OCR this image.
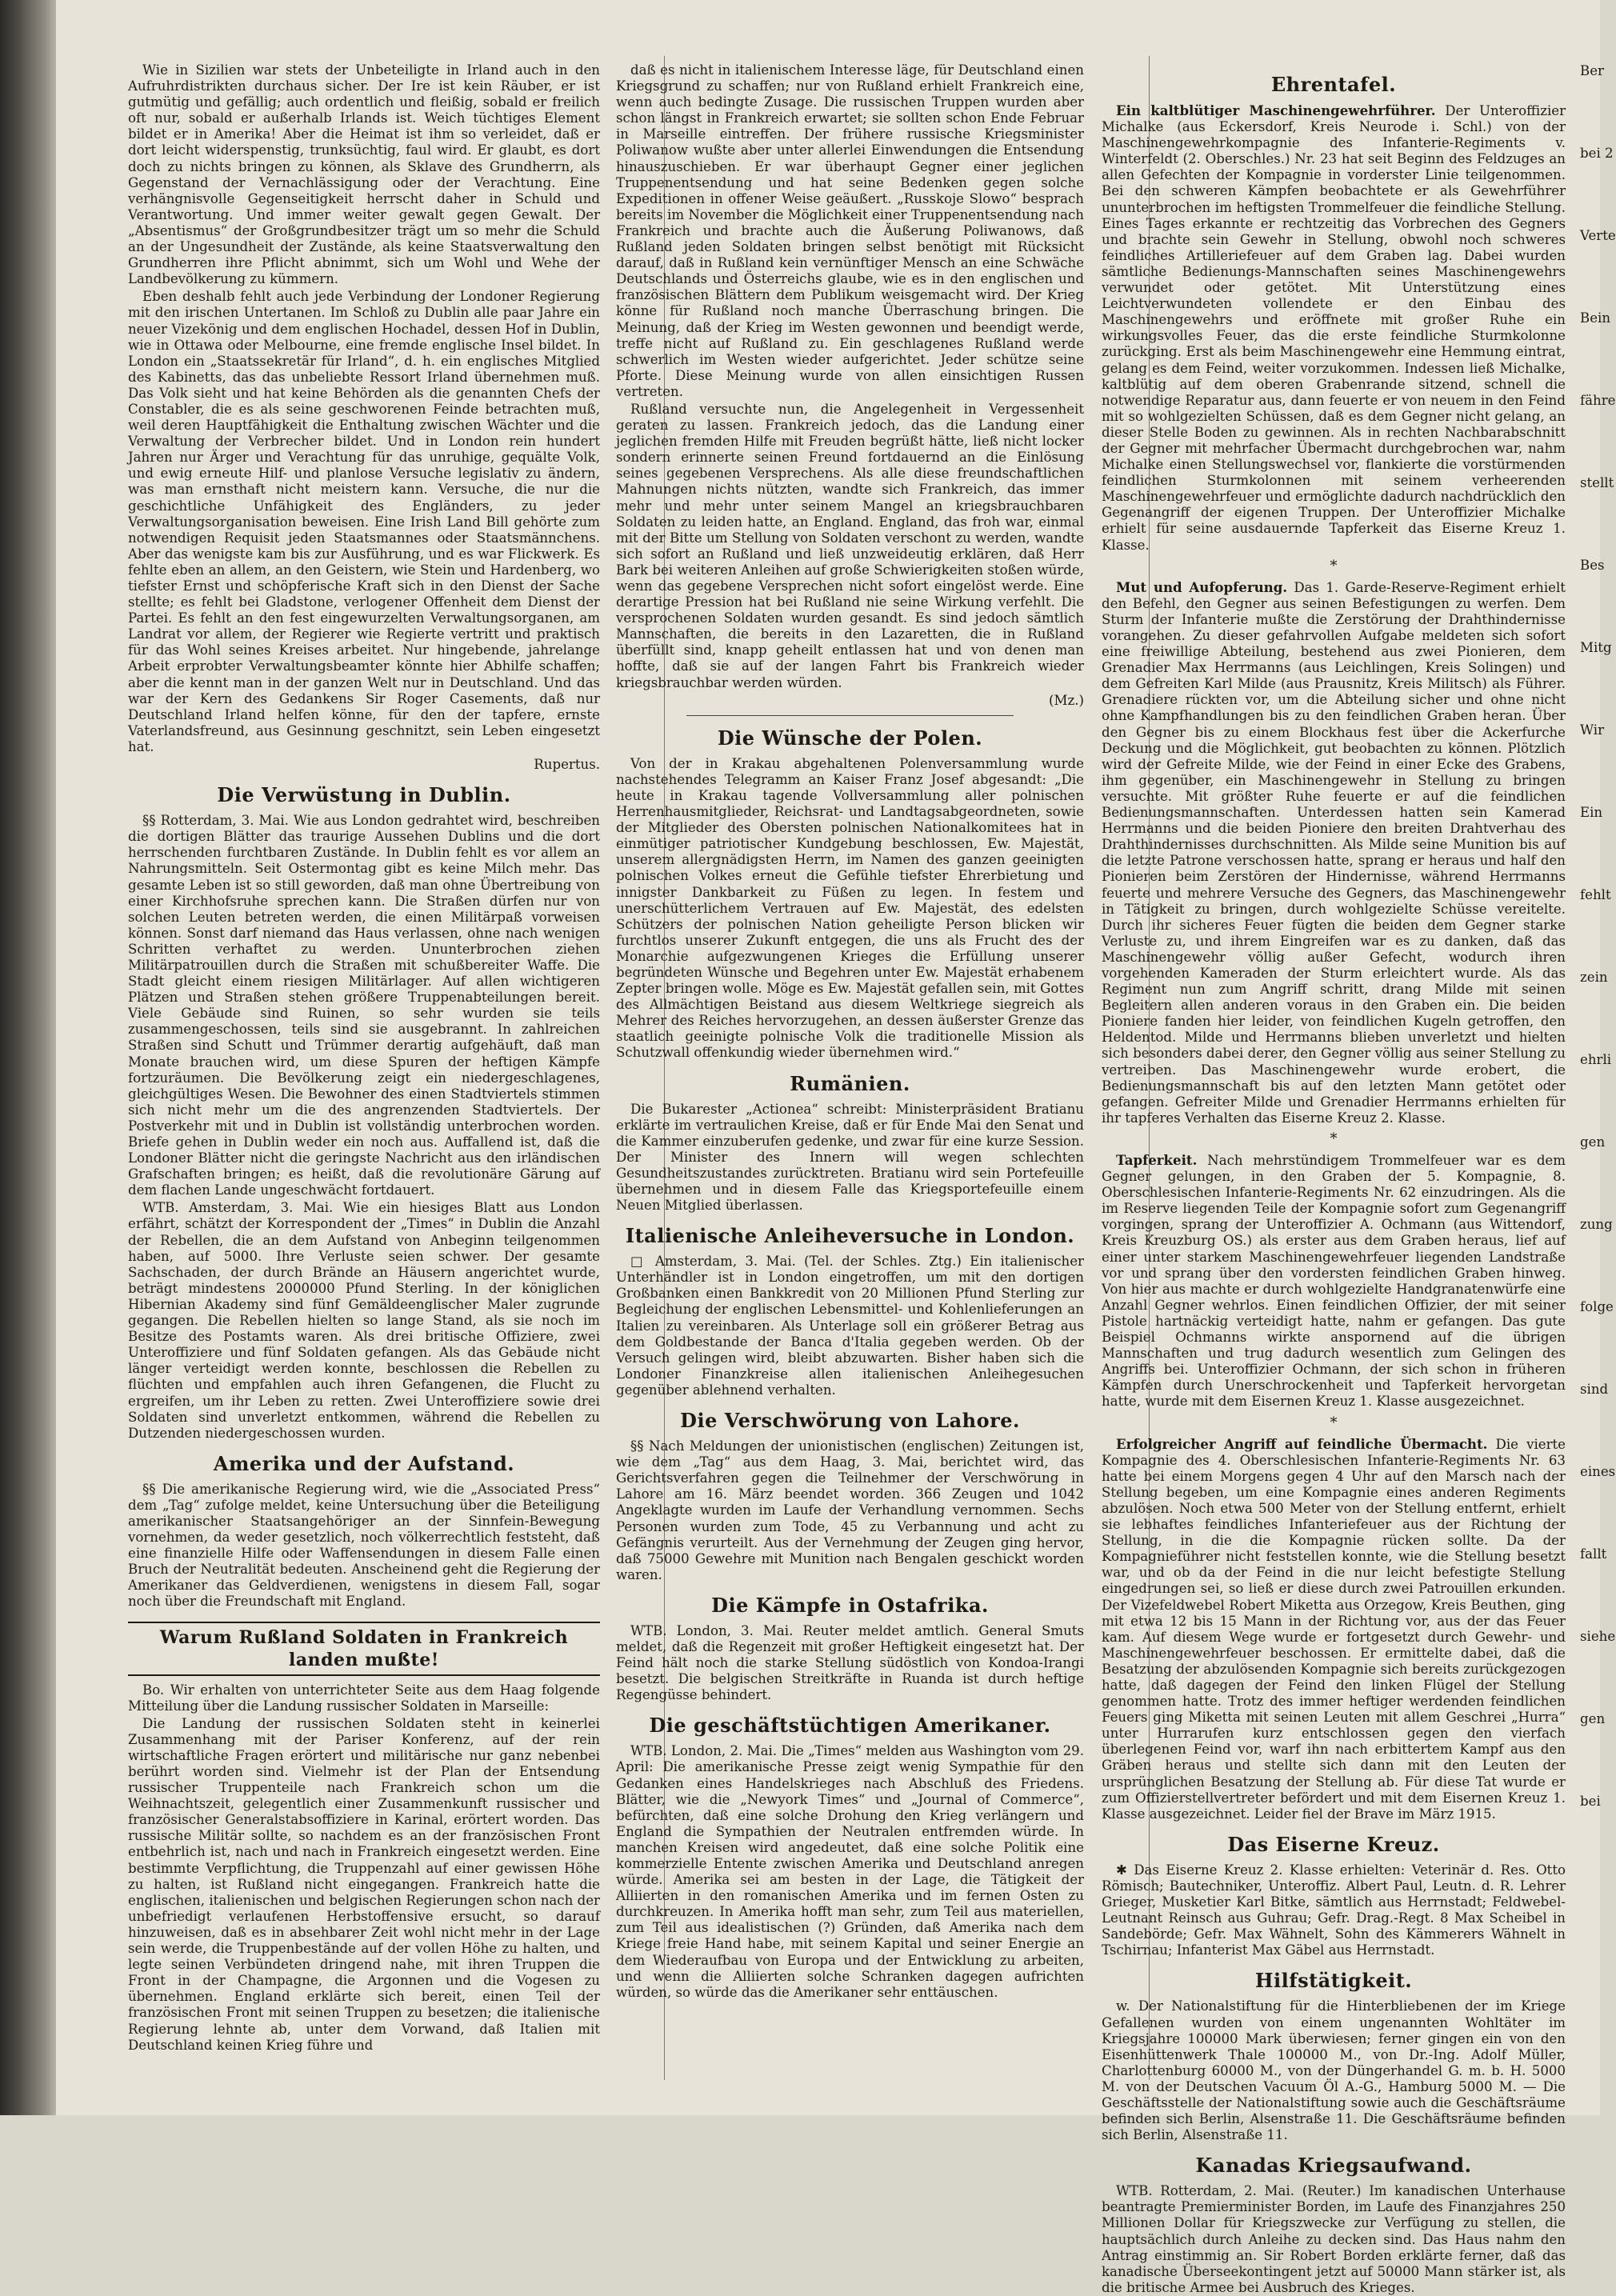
Wie in Sizilien war stets der Unbeteiligte in Irland auch in den Aufruhrdistrikten durchaus sicher. Der Ire ist kein Räuber, er ist gutmütig und gefällig; auch ordentlich und fleißig, sobald er freilich oft nur, sobald er außerhalb Irlands ist. Weich tüchtiges Element bildet er in Amerika! Aber die Heimat ist ihm so verleidet, daß er dort leicht widerspenstig, trunksüchtig, faul wird. Er glaubt, es dort doch zu nichts bringen zu können, als Sklave des Grundherrn, als Gegenstand der Vernachlässigung oder der Verachtung. Eine verhängnisvolle Gegenseitigkeit herrscht daher in Schuld und Verantwortung. Und immer weiter gewalt gegen Gewalt. Der „Absentismus“ der Großgrundbesitzer trägt um so mehr die Schuld an der Ungesundheit der Zustände, als keine Staatsverwaltung den Grundherren ihre Pflicht abnimmt, sich um Wohl und Wehe der Landbevölkerung zu kümmern.

Eben deshalb fehlt auch jede Verbindung der Londoner Regierung mit den irischen Untertanen. Im Schloß zu Dublin alle paar Jahre ein neuer Vizekönig und dem englischen Hochadel, dessen Hof in Dublin, wie in Ottawa oder Melbourne, eine fremde englische Insel bildet. In London ein „Staatssekretär für Irland“, d. h. ein englisches Mitglied des Kabinetts, das das unbeliebte Ressort Irland übernehmen muß. Das Volk sieht und hat keine Behörden als die genannten Chefs der Constabler, die es als seine geschworenen Feinde betrachten muß, weil deren Hauptfähigkeit die Enthaltung zwischen Wächter und die Verwaltung der Verbrecher bildet. Und in London rein hundert Jahren nur Ärger und Verachtung für das unruhige, gequälte Volk, und ewig erneute Hilf- und planlose Versuche legislativ zu ändern, was man ernsthaft nicht meistern kann. Versuche, die nur die geschichtliche Unfähigkeit des Engländers, zu jeder Verwaltungsorganisation beweisen. Eine Irish Land Bill gehörte zum notwendigen Requisit jeden Staatsmannes oder Staatsmännchens. Aber das wenigste kam bis zur Ausführung, und es war Flickwerk. Es fehlte eben an allem, an den Geistern, wie Stein und Hardenberg, wo tiefster Ernst und schöpferische Kraft sich in den Dienst der Sache stellte; es fehlt bei Gladstone, verlogener Offenheit dem Dienst der Partei. Es fehlt an den fest eingewurzelten Verwaltungsorganen, am Landrat vor allem, der Regierer wie Regierte vertritt und praktisch für das Wohl seines Kreises arbeitet. Nur hingebende, jahrelange Arbeit erprobter Verwaltungsbeamter könnte hier Abhilfe schaffen; aber die kennt man in der ganzen Welt nur in Deutschland. Und das war der Kern des Gedankens Sir Roger Casements, daß nur Deutschland Irland helfen könne, für den der tapfere, ernste Vaterlandsfreund, aus Gesinnung geschnitzt, sein Leben eingesetzt hat.

Rupertus.

Die Verwüstung in Dublin.

§§ Rotterdam, 3. Mai. Wie aus London gedrahtet wird, beschreiben die dortigen Blätter das traurige Aussehen Dublins und die dort herrschenden furchtbaren Zustände. In Dublin fehlt es vor allem an Nahrungsmitteln. Seit Ostermontag gibt es keine Milch mehr. Das gesamte Leben ist so still geworden, daß man ohne Übertreibung von einer Kirchhofsruhe sprechen kann. Die Straßen dürfen nur von solchen Leuten betreten werden, die einen Militärpaß vorweisen können. Sonst darf niemand das Haus verlassen, ohne nach wenigen Schritten verhaftet zu werden. Ununterbrochen ziehen Militärpatrouillen durch die Straßen mit schußbereiter Waffe. Die Stadt gleicht einem riesigen Militärlager. Auf allen wichtigeren Plätzen und Straßen stehen größere Truppenabteilungen bereit. Viele Gebäude sind Ruinen, so sehr wurden sie teils zusammengeschossen, teils sind sie ausgebrannt. In zahlreichen Straßen sind Schutt und Trümmer derartig aufgehäuft, daß man Monate brauchen wird, um diese Spuren der heftigen Kämpfe fortzuräumen. Die Bevölkerung zeigt ein niedergeschlagenes, gleichgültiges Wesen. Die Bewohner des einen Stadtviertels stimmen sich nicht mehr um die des angrenzenden Stadtviertels. Der Postverkehr mit und in Dublin ist vollständig unterbrochen worden. Briefe gehen in Dublin weder ein noch aus. Auffallend ist, daß die Londoner Blätter nicht die geringste Nachricht aus den irländischen Grafschaften bringen; es heißt, daß die revolutionäre Gärung auf dem flachen Lande ungeschwächt fortdauert.

WTB. Amsterdam, 3. Mai. Wie ein hiesiges Blatt aus London erfährt, schätzt der Korrespondent der „Times“ in Dublin die Anzahl der Rebellen, die an dem Aufstand von Anbeginn teilgenommen haben, auf 5000. Ihre Verluste seien schwer. Der gesamte Sachschaden, der durch Brände an Häusern angerichtet wurde, beträgt mindestens 2000000 Pfund Sterling. In der königlichen Hibernian Akademy sind fünf Gemäldeenglischer Maler zugrunde gegangen. Die Rebellen hielten so lange Stand, als sie noch im Besitze des Postamts waren. Als drei britische Offiziere, zwei Unteroffiziere und fünf Soldaten gefangen. Als das Gebäude nicht länger verteidigt werden konnte, beschlossen die Rebellen zu flüchten und empfahlen auch ihren Gefangenen, die Flucht zu ergreifen, um ihr Leben zu retten. Zwei Unteroffiziere sowie drei Soldaten sind unverletzt entkommen, während die Rebellen zu Dutzenden niedergeschossen wurden.

Amerika und der Aufstand.

§§ Die amerikanische Regierung wird, wie die „Associated Press“ dem „Tag“ zufolge meldet, keine Untersuchung über die Beteiligung amerikanischer Staatsangehöriger an der Sinnfein-Bewegung vornehmen, da weder gesetzlich, noch völkerrechtlich feststeht, daß eine finanzielle Hilfe oder Waffensendungen in diesem Falle einen Bruch der Neutralität bedeuten. Anscheinend geht die Regierung der Amerikaner das Geldverdienen, wenigstens in diesem Fall, sogar noch über die Freundschaft mit England.

Warum Rußland Soldaten in Frankreich landen mußte!

Bo. Wir erhalten von unterrichteter Seite aus dem Haag folgende Mitteilung über die Landung russischer Soldaten in Marseille:

Die Landung der russischen Soldaten steht in keinerlei Zusammenhang mit der Pariser Konferenz, auf der rein wirtschaftliche Fragen erörtert und militärische nur ganz nebenbei berührt worden sind. Vielmehr ist der Plan der Entsendung russischer Truppenteile nach Frankreich schon um die Weihnachtszeit, gelegentlich einer Zusammenkunft russischer und französischer Generalstabsoffiziere in Karinal, erörtert worden. Das russische Militär sollte, so nachdem es an der französischen Front entbehrlich ist, nach und nach in Frankreich eingesetzt werden. Eine bestimmte Verpflichtung, die Truppenzahl auf einer gewissen Höhe zu halten, ist Rußland nicht eingegangen. Frankreich hatte die englischen, italienischen und belgischen Regierungen schon nach der unbefriedigt verlaufenen Herbstoffensive ersucht, so darauf hinzuweisen, daß es in absehbarer Zeit wohl nicht mehr in der Lage sein werde, die Truppenbestände auf der vollen Höhe zu halten, und legte seinen Verbündeten dringend nahe, mit ihren Truppen die Front in der Champagne, die Argonnen und die Vogesen zu übernehmen. England erklärte sich bereit, einen Teil der französischen Front mit seinen Truppen zu besetzen; die italienische Regierung lehnte ab, unter dem Vorwand, daß Italien mit Deutschland keinen Krieg führe und

daß es nicht in italienischem Interesse läge, für Deutschland einen Kriegsgrund zu schaffen; nur von Rußland erhielt Frankreich eine, wenn auch bedingte Zusage. Die russischen Truppen wurden aber schon längst in Frankreich erwartet; sie sollten schon Ende Februar in Marseille eintreffen. Der frühere russische Kriegsminister Poliwanow wußte aber unter allerlei Einwendungen die Entsendung hinauszuschieben. Er war überhaupt Gegner einer jeglichen Truppenentsendung und hat seine Bedenken gegen solche Expeditionen in offener Weise geäußert. „Russkoje Slowo“ besprach bereits im November die Möglichkeit einer Truppenentsendung nach Frankreich und brachte auch die Äußerung Poliwanows, daß Rußland jeden Soldaten bringen selbst benötigt mit Rücksicht darauf, daß in Rußland kein vernünftiger Mensch an eine Schwäche Deutschlands und Österreichs glaube, wie es in den englischen und französischen Blättern dem Publikum weisgemacht wird. Der Krieg könne für Rußland noch manche Überraschung bringen. Die Meinung, daß der Krieg im Westen gewonnen und beendigt werde, treffe nicht auf Rußland zu. Ein geschlagenes Rußland werde schwerlich im Westen wieder aufgerichtet. Jeder schütze seine Pforte. Diese Meinung wurde von allen einsichtigen Russen vertreten.

Rußland versuchte nun, die Angelegenheit in Vergessenheit geraten zu lassen. Frankreich jedoch, das die Landung einer jeglichen fremden Hilfe mit Freuden begrüßt hätte, ließ nicht locker sondern erinnerte seinen Freund fortdauernd an die Einlösung seines gegebenen Versprechens. Als alle diese freundschaftlichen Mahnungen nichts nützten, wandte sich Frankreich, das immer mehr und mehr unter seinem Mangel an kriegsbrauchbaren Soldaten zu leiden hatte, an England. England, das froh war, einmal mit der Bitte um Stellung von Soldaten verschont zu werden, wandte sich sofort an Rußland und ließ unzweideutig erklären, daß Herr Bark bei weiteren Anleihen auf große Schwierigkeiten stoßen würde, wenn das gegebene Versprechen nicht sofort eingelöst werde. Eine derartige Pression hat bei Rußland nie seine Wirkung verfehlt. Die versprochenen Soldaten wurden gesandt. Es sind jedoch sämtlich Mannschaften, die bereits in den Lazaretten, die in Rußland überfüllt sind, knapp geheilt entlassen hat und von denen man hoffte, daß sie auf der langen Fahrt bis Frankreich wieder kriegsbrauchbar werden würden.

(Mz.)

Die Wünsche der Polen.

Von der in Krakau abgehaltenen Polenversammlung wurde nachstehendes Telegramm an Kaiser Franz Josef abgesandt: „Die heute in Krakau tagende Vollversammlung aller polnischen Herrenhausmitglieder, Reichsrat- und Landtagsabgeordneten, sowie der Mitglieder des Obersten polnischen Nationalkomitees hat in einmütiger patriotischer Kundgebung beschlossen, Ew. Majestät, unserem allergnädigsten Herrn, im Namen des ganzen geeinigten polnischen Volkes erneut die Gefühle tiefster Ehrerbietung und innigster Dankbarkeit zu Füßen zu legen. In festem und unerschütterlichem Vertrauen auf Ew. Majestät, des edelsten Schützers der polnischen Nation geheiligte Person blicken wir furchtlos unserer Zukunft entgegen, die uns als Frucht des der Monarchie aufgezwungenen Krieges die Erfüllung unserer begründeten Wünsche und Begehren unter Ew. Majestät erhabenem Zepter bringen wolle. Möge es Ew. Majestät gefallen sein, mit Gottes des Allmächtigen Beistand aus diesem Weltkriege siegreich als Mehrer des Reiches hervorzugehen, an dessen äußerster Grenze das staatlich geeinigte polnische Volk die traditionelle Mission als Schutzwall offenkundig wieder übernehmen wird.“

Rumänien.

Die Bukarester „Actionea“ schreibt: Ministerpräsident Bratianu erklärte im vertraulichen Kreise, daß er für Ende Mai den Senat und die Kammer einzuberufen gedenke, und zwar für eine kurze Session. Der Minister des Innern will wegen schlechten Gesundheitszustandes zurücktreten. Bratianu wird sein Portefeuille übernehmen und in diesem Falle das Kriegsportefeuille einem Neuen Mitglied überlassen.

Italienische Anleiheversuche in London.

□ Amsterdam, 3. Mai. (Tel. der Schles. Ztg.) Ein italienischer Unterhändler ist in London eingetroffen, um mit den dortigen Großbanken einen Bankkredit von 20 Millionen Pfund Sterling zur Begleichung der englischen Lebensmittel- und Kohlenlieferungen an Italien zu vereinbaren. Als Unterlage soll ein größerer Betrag aus dem Goldbestande der Banca d'Italia gegeben werden. Ob der Versuch gelingen wird, bleibt abzuwarten. Bisher haben sich die Londoner Finanzkreise allen italienischen Anleihegesuchen gegenüber ablehnend verhalten.

Die Verschwörung von Lahore.

§§ Nach Meldungen der unionistischen (englischen) Zeitungen ist, wie dem „Tag“ aus dem Haag, 3. Mai, berichtet wird, das Gerichtsverfahren gegen die Teilnehmer der Verschwörung in Lahore am 16. März beendet worden. 366 Zeugen und 1042 Angeklagte wurden im Laufe der Verhandlung vernommen. Sechs Personen wurden zum Tode, 45 zu Verbannung und acht zu Gefängnis verurteilt. Aus der Vernehmung der Zeugen ging hervor, daß 75000 Gewehre mit Munition nach Bengalen geschickt worden waren.

Die Kämpfe in Ostafrika.

WTB. London, 3. Mai. Reuter meldet amtlich. General Smuts meldet, daß die Regenzeit mit großer Heftigkeit eingesetzt hat. Der Feind hält noch die starke Stellung südöstlich von Kondoa-Irangi besetzt. Die belgischen Streitkräfte in Ruanda ist durch heftige Regengüsse behindert.

Die geschäftstüchtigen Amerikaner.

WTB. London, 2. Mai. Die „Times“ melden aus Washington vom 29. April: Die amerikanische Presse zeigt wenig Sympathie für den Gedanken eines Handelskrieges nach Abschluß des Friedens. Blätter, wie die „Newyork Times“ und „Journal of Commerce“, befürchten, daß eine solche Drohung den Krieg verlängern und England die Sympathien der Neutralen entfremden würde. In manchen Kreisen wird angedeutet, daß eine solche Politik eine kommerzielle Entente zwischen Amerika und Deutschland anregen würde. Amerika sei am besten in der Lage, die Tätigkeit der Alliierten in den romanischen Amerika und im fernen Osten zu durchkreuzen. In Amerika hofft man sehr, zum Teil aus materiellen, zum Teil aus idealistischen (?) Gründen, daß Amerika nach dem Kriege freie Hand habe, mit seinem Kapital und seiner Energie an dem Wiederaufbau von Europa und der Entwicklung zu arbeiten, und wenn die Alliierten solche Schranken dagegen aufrichten würden, so würde das die Amerikaner sehr enttäuschen.

Ehrentafel.

Ein kaltblütiger Maschinengewehrführer. Der Unteroffizier Michalke (aus Eckersdorf, Kreis Neurode i. Schl.) von der Maschinengewehrkompagnie des Infanterie-Regiments v. Winterfeldt (2. Oberschles.) Nr. 23 hat seit Beginn des Feldzuges an allen Gefechten der Kompagnie in vorderster Linie teilgenommen. Bei den schweren Kämpfen beobachtete er als Gewehrführer ununterbrochen im heftigsten Trommelfeuer die feindliche Stellung. Eines Tages erkannte er rechtzeitig das Vorbrechen des Gegners und brachte sein Gewehr in Stellung, obwohl noch schweres feindliches Artilleriefeuer auf dem Graben lag. Dabei wurden sämtliche Bedienungs-Mannschaften seines Maschinengewehrs verwundet oder getötet. Mit Unterstützung eines Leichtverwundeten vollendete er den Einbau des Maschinengewehrs und eröffnete mit großer Ruhe ein wirkungsvolles Feuer, das die erste feindliche Sturmkolonne zurückging. Erst als beim Maschinengewehr eine Hemmung eintrat, gelang es dem Feind, weiter vorzukommen. Indessen ließ Michalke, kaltblütig auf dem oberen Grabenrande sitzend, schnell die notwendige Reparatur aus, dann feuerte er von neuem in den Feind mit so wohlgezielten Schüssen, daß es dem Gegner nicht gelang, an dieser Stelle Boden zu gewinnen. Als in rechten Nachbarabschnitt der Gegner mit mehrfacher Übermacht durchgebrochen war, nahm Michalke einen Stellungswechsel vor, flankierte die vorstürmenden feindlichen Sturmkolonnen mit seinem verheerenden Maschinengewehrfeuer und ermöglichte dadurch nachdrücklich den Gegenangriff der eigenen Truppen. Der Unteroffizier Michalke erhielt für seine ausdauernde Tapferkeit das Eiserne Kreuz 1. Klasse.

*

Mut und Aufopferung. Das 1. Garde-Reserve-Regiment erhielt den Befehl, den Gegner aus seinen Befestigungen zu werfen. Dem Sturm der Infanterie mußte die Zerstörung der Drahthindernisse vorangehen. Zu dieser gefahrvollen Aufgabe meldeten sich sofort eine freiwillige Abteilung, bestehend aus zwei Pionieren, dem Grenadier Max Herrmanns (aus Leichlingen, Kreis Solingen) und dem Gefreiten Karl Milde (aus Prausnitz, Kreis Militsch) als Führer. Grenadiere rückten vor, um die Abteilung sicher und ohne nicht ohne Kampfhandlungen bis zu den feindlichen Graben heran. Über den Gegner bis zu einem Blockhaus fest über die Ackerfurche Deckung und die Möglichkeit, gut beobachten zu können. Plötzlich wird der Gefreite Milde, wie der Feind in einer Ecke des Grabens, ihm gegenüber, ein Maschinengewehr in Stellung zu bringen versuchte. Mit größter Ruhe feuerte er auf die feindlichen Bedienungsmannschaften. Unterdessen hatten sein Kamerad Herrmanns und die beiden Pioniere den breiten Drahtverhau des Drahthindernisses durchschnitten. Als Milde seine Munition bis auf die letzte Patrone verschossen hatte, sprang er heraus und half den Pionieren beim Zerstören der Hindernisse, während Herrmanns feuerte und mehrere Versuche des Gegners, das Maschinengewehr in Tätigkeit zu bringen, durch wohlgezielte Schüsse vereitelte. Durch ihr sicheres Feuer fügten die beiden dem Gegner starke Verluste zu, und ihrem Eingreifen war es zu danken, daß das Maschinengewehr völlig außer Gefecht, wodurch ihren vorgehenden Kameraden der Sturm erleichtert wurde. Als das Regiment nun zum Angriff schritt, drang Milde mit seinen Begleitern allen anderen voraus in den Graben ein. Die beiden Pioniere fanden hier leider, von feindlichen Kugeln getroffen, den Heldentod. Milde und Herrmanns blieben unverletzt und hielten sich besonders dabei derer, den Gegner völlig aus seiner Stellung zu vertreiben. Das Maschinengewehr wurde erobert, die Bedienungsmannschaft bis auf den letzten Mann getötet oder gefangen. Gefreiter Milde und Grenadier Herrmanns erhielten für ihr tapferes Verhalten das Eiserne Kreuz 2. Klasse.

*

Tapferkeit. Nach mehrstündigem Trommelfeuer war es dem Gegner gelungen, in den Graben der 5. Kompagnie, 8. Oberschlesischen Infanterie-Regiments Nr. 62 einzudringen. Als die im Reserve liegenden Teile der Kompagnie sofort zum Gegenangriff vorgingen, sprang der Unteroffizier A. Ochmann (aus Wittendorf, Kreis Kreuzburg OS.) als erster aus dem Graben heraus, lief auf einer unter starkem Maschinengewehrfeuer liegenden Landstraße vor und sprang über den vordersten feindlichen Graben hinweg. Von hier aus machte er durch wohlgezielte Handgranatenwürfe eine Anzahl Gegner wehrlos. Einen feindlichen Offizier, der mit seiner Pistole hartnäckig verteidigt hatte, nahm er gefangen. Das gute Beispiel Ochmanns wirkte anspornend auf die übrigen Mannschaften und trug dadurch wesentlich zum Gelingen des Angriffs bei. Unteroffizier Ochmann, der sich schon in früheren Kämpfen durch Unerschrockenheit und Tapferkeit hervorgetan hatte, wurde mit dem Eisernen Kreuz 1. Klasse ausgezeichnet.

*

Erfolgreicher Angriff auf feindliche Übermacht. Die vierte Kompagnie des 4. Oberschlesischen Infanterie-Regiments Nr. 63 hatte bei einem Morgens gegen 4 Uhr auf den Marsch nach der Stellung begeben, um eine Kompagnie eines anderen Regiments abzulösen. Noch etwa 500 Meter von der Stellung entfernt, erhielt sie lebhaftes feindliches Infanteriefeuer aus der Richtung der Stellung, in die die Kompagnie rücken sollte. Da der Kompagnieführer nicht feststellen konnte, wie die Stellung besetzt war, und ob da der Feind in die nur leicht befestigte Stellung eingedrungen sei, so ließ er diese durch zwei Patrouillen erkunden. Der Vizefeldwebel Robert Miketta aus Orzegow, Kreis Beuthen, ging mit etwa 12 bis 15 Mann in der Richtung vor, aus der das Feuer kam. Auf diesem Wege wurde er fortgesetzt durch Gewehr- und Maschinengewehrfeuer beschossen. Er ermittelte dabei, daß die Besatzung der abzulösenden Kompagnie sich bereits zurückgezogen hatte, daß dagegen der Feind den linken Flügel der Stellung genommen hatte. Trotz des immer heftiger werdenden feindlichen Feuers ging Miketta mit seinen Leuten mit allem Geschrei „Hurra“ unter Hurrarufen kurz entschlossen gegen den vierfach überlegenen Feind vor, warf ihn nach erbittertem Kampf aus den Gräben heraus und stellte sich dann mit den Leuten der ursprünglichen Besatzung der Stellung ab. Für diese Tat wurde er zum Offizierstellvertreter befördert und mit dem Eisernen Kreuz 1. Klasse ausgezeichnet. Leider fiel der Brave im März 1915.

Das Eiserne Kreuz.

✱ Das Eiserne Kreuz 2. Klasse erhielten: Veterinär d. Res. Otto Römisch; Bautechniker, Unteroffiz. Albert Paul, Leutn. d. R. Lehrer Grieger, Musketier Karl Bitke, sämtlich aus Herrnstadt; Feldwebel-Leutnant Reinsch aus Guhrau; Gefr. Drag.-Regt. 8 Max Scheibel in Sandebörde; Gefr. Max Wähnelt, Sohn des Kämmerers Wähnelt in Tschirnau; Infanterist Max Gäbel aus Herrnstadt.

Hilfstätigkeit.

w. Der Nationalstiftung für die Hinterbliebenen der im Kriege Gefallenen wurden von einem ungenannten Wohltäter im Kriegsjahre 100000 Mark überwiesen; ferner gingen ein von den Eisenhüttenwerk Thale 100000 M., von Dr.-Ing. Adolf Müller, Charlottenburg 60000 M., von der Düngerhandel G. m. b. H. 5000 M. von der Deutschen Vacuum Öl A.-G., Hamburg 5000 M. — Die Geschäftsstelle der Nationalstiftung sowie auch die Geschäftsräume befinden sich Berlin, Alsenstraße 11. Die Geschäftsräume befinden sich Berlin, Alsenstraße 11.

Kanadas Kriegsaufwand.

WTB. Rotterdam, 2. Mai. (Reuter.) Im kanadischen Unterhause beantragte Premierminister Borden, im Laufe des Finanzjahres 250 Millionen Dollar für Kriegszwecke zur Verfügung zu stellen, die hauptsächlich durch Anleihe zu decken sind. Das Haus nahm den Antrag einstimmig an. Sir Robert Borden erklärte ferner, daß das kanadische Überseekontingent jetzt auf 50000 Mann stärker ist, als die britische Armee bei Ausbruch des Krieges.

Ber
bei 2
Verte
Bein
fähre
stellt
Bes
Mitg
Wir
Ein
fehlt
zein
ehrli
gen
zung
folge
sind
eines
fallt
siehe
gen
bei
